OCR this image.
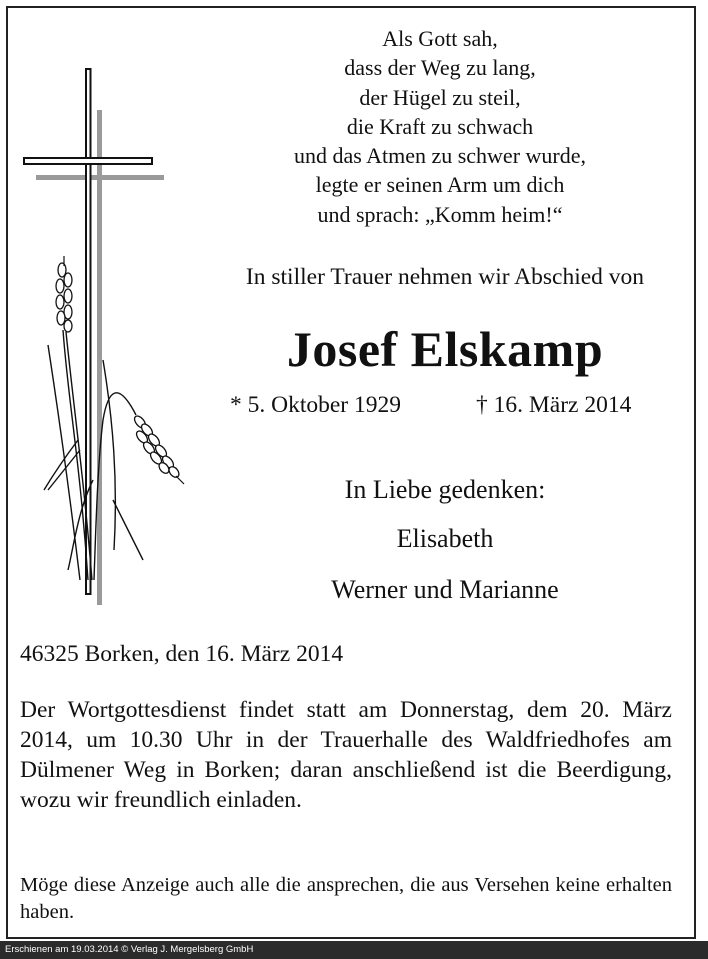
Als Gott sah,
dass der Weg zu lang,
der Hügel zu steil,
die Kraft zu schwach
und das Atmen zu schwer wurde,
legte er seinen Arm um dich
und sprach: „Komm heim!“
In stiller Trauer nehmen wir Abschied von
Josef Elskamp
* 5. Oktober 1929	† 16. März 2014
In Liebe gedenken:
Elisabeth
Werner und Marianne
46325 Borken, den 16. März 2014
Der Wortgottesdienst findet statt am Donnerstag, dem 20. März 2014, um 10.30 Uhr in der Trauerhalle des Waldfriedhofes am Dülmener Weg in Borken; daran anschließend ist die Beerdigung, wozu wir freundlich einladen.
Möge diese Anzeige auch alle die ansprechen, die aus Versehen keine erhalten haben.
Erschienen am 19.03.2014 © Verlag J. Mergelsberg GmbH
